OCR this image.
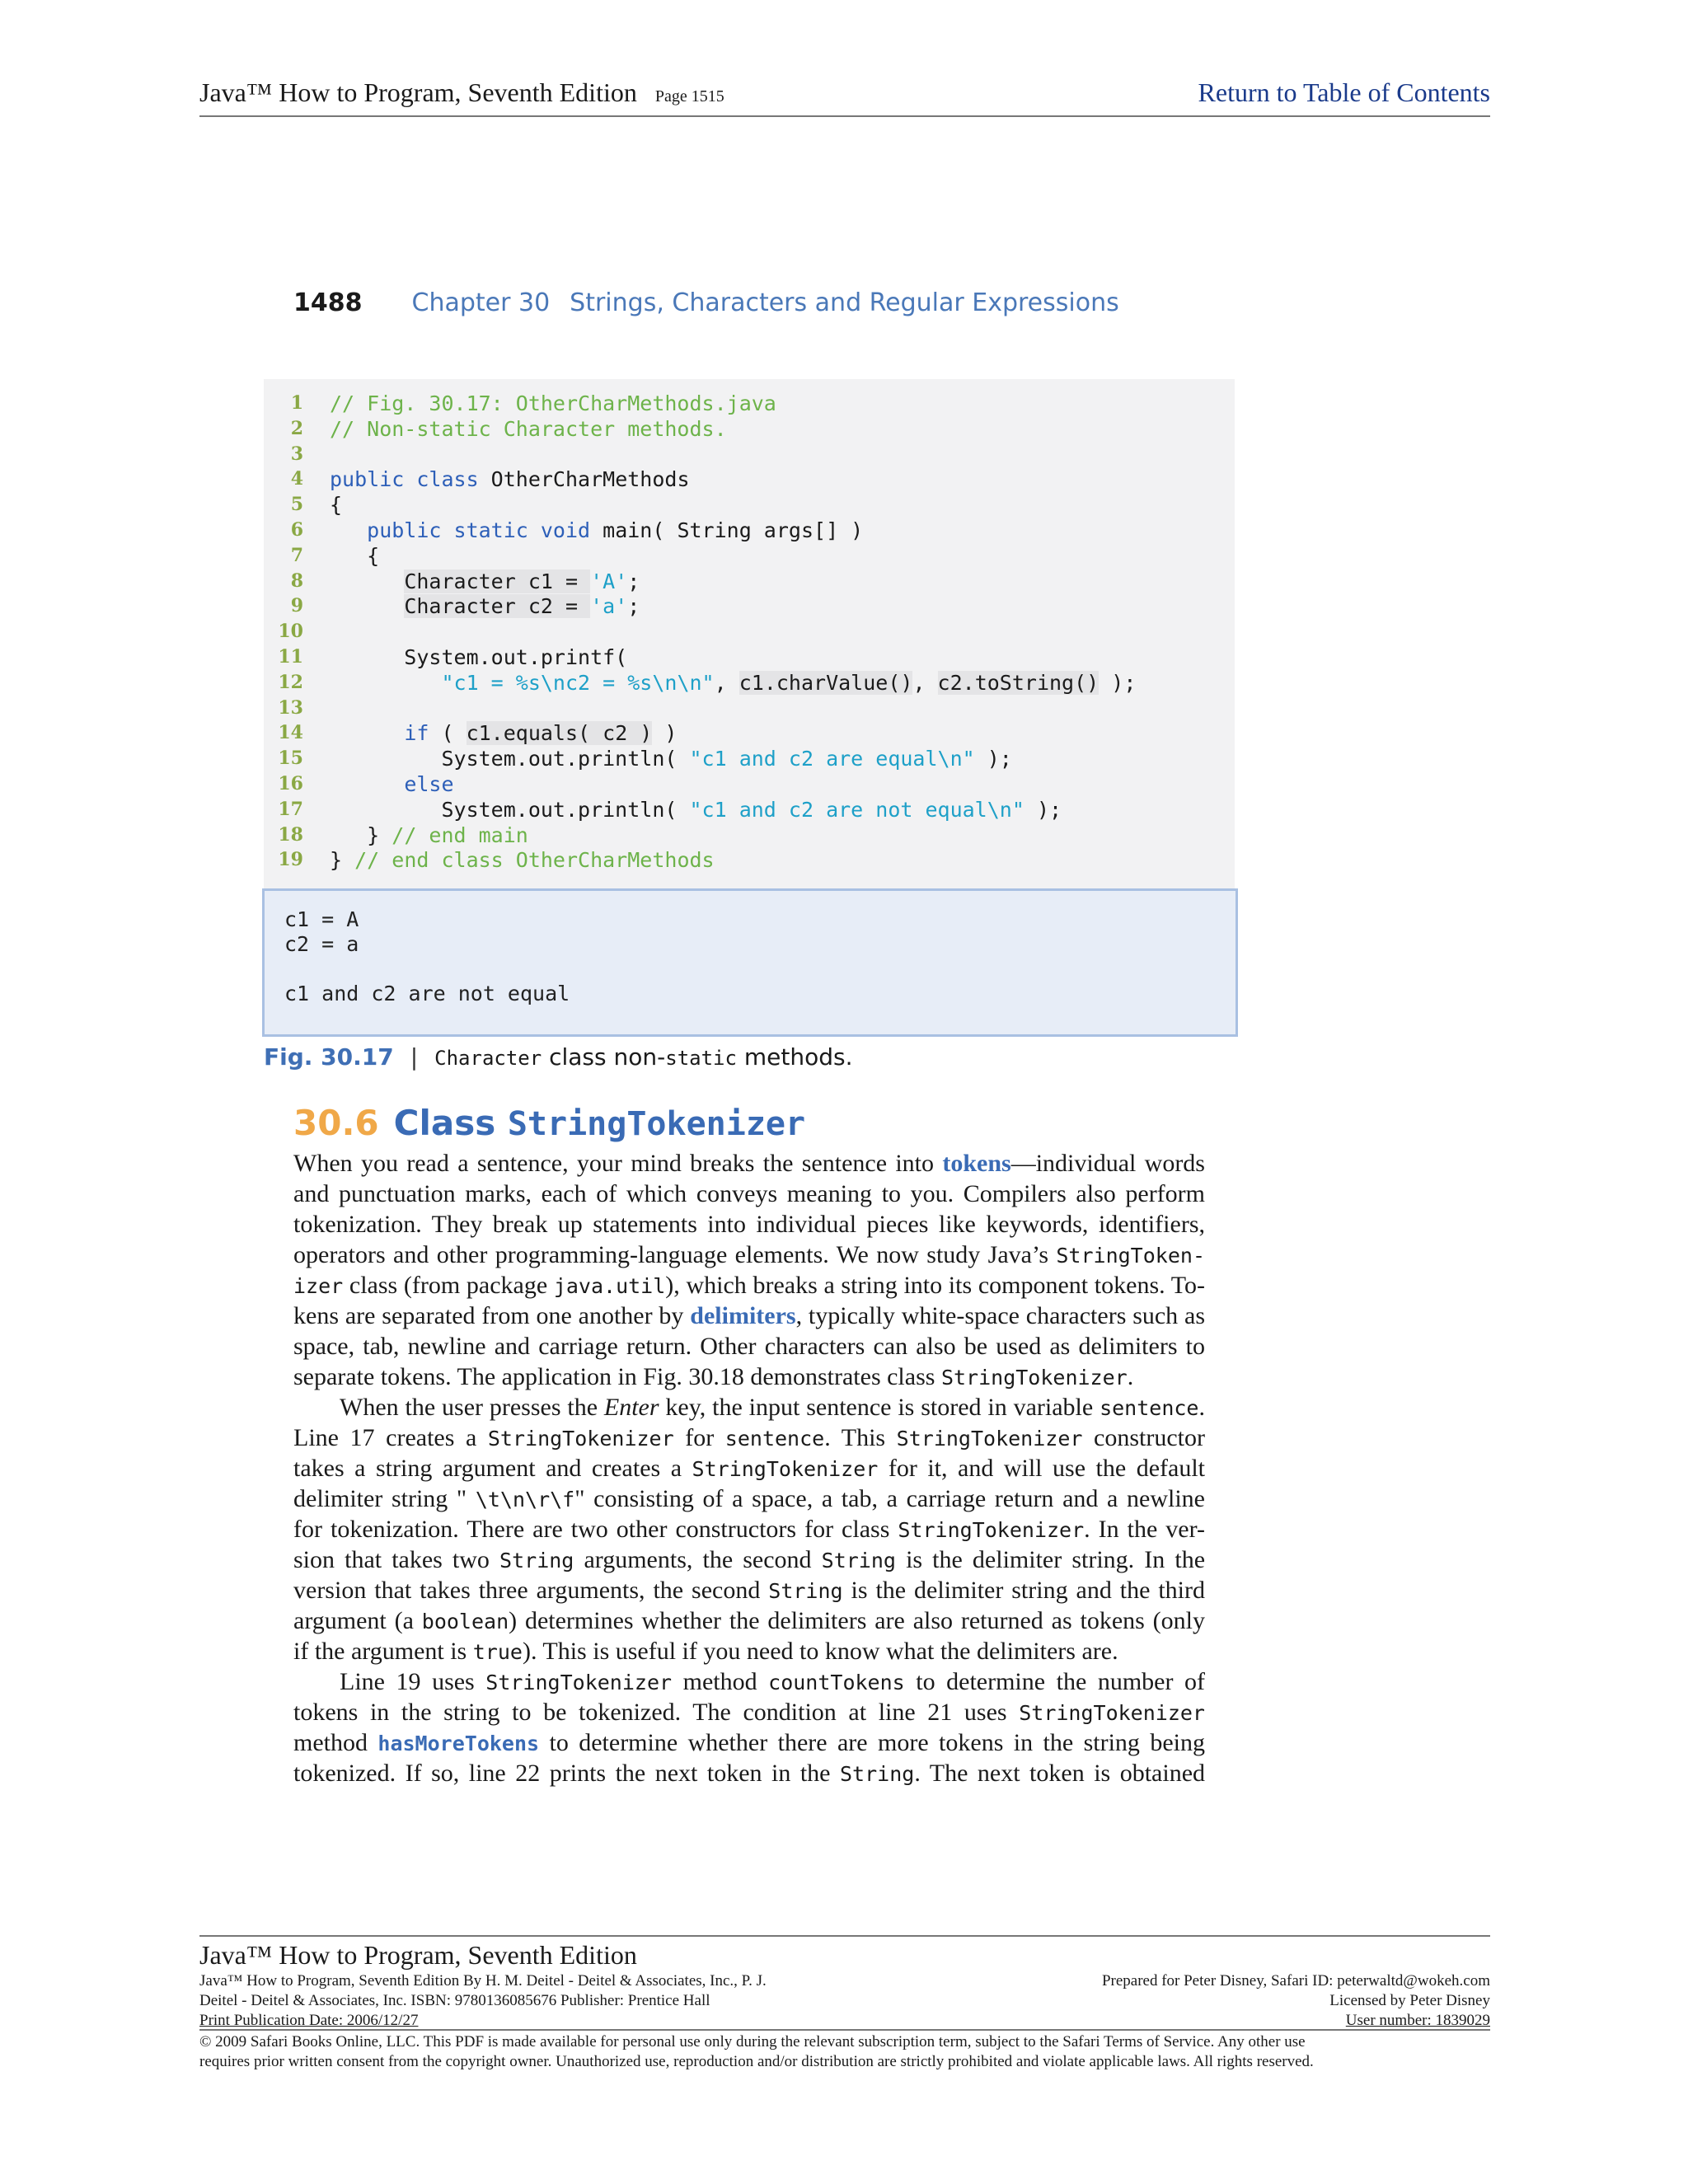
Java™ How to Program, Seventh Edition Page 1515	Return to Table of Contents
1488 Chapter 30 Strings, Characters and Regular Expressions
1 // Fig. 30.17: OtherCharMethods.java
2 // Non-static Character methods.
3
4 public class OtherCharMethods
5 {
6	public static void main( String args[] )
7 {
8	Character c1 = 'A';
9	Character c2 = 'a';
10
11 System.out.printf(
12	"c1 = %s\nc2 = %s\n\n", c1.charValue(), c2.toString() );
13
14	if ( c1.equals( c2 ) )
15 System.out.println( "c1 and c2 are equal\n" );
16	else
17 System.out.println( "c1 and c2 are not equal\n" );
18 } // end main
19 } // end class OtherCharMethods
c1 = A
c2 = a
c1 and c2 are not equal
Fig. 30.17 | Character class non-static methods.
30.6 Class StringTokenizer
When you read a sentence, your mind breaks the sentence into tokens—individual words
and punctuation marks, each of which conveys meaning to you. Compilers also perform
tokenization. They break up statements into individual pieces like keywords, identifiers,
operators and other programming-language elements. We now study Java’s StringToken-
izer class (from package java.util), which breaks a string into its component tokens. To-
kens are separated from one another by delimiters, typically white-space characters such as
space, tab, newline and carriage return. Other characters can also be used as delimiters to
separate tokens. The application in Fig. 30.18 demonstrates class StringTokenizer.
When the user presses the Enter key, the input sentence is stored in variable sentence.
Line 17 creates a StringTokenizer for sentence. This StringTokenizer constructor
takes a string argument and creates a StringTokenizer for it, and will use the default
delimiter string " \t\n\r\f" consisting of a space, a tab, a carriage return and a newline
for tokenization. There are two other constructors for class StringTokenizer. In the ver-
sion that takes two String arguments, the second String is the delimiter string. In the
version that takes three arguments, the second String is the delimiter string and the third
argument (a boolean) determines whether the delimiters are also returned as tokens (only
if the argument is true). This is useful if you need to know what the delimiters are.
Line 19 uses StringTokenizer method countTokens to determine the number of
tokens in the string to be tokenized. The condition at line 21 uses StringTokenizer
method hasMoreTokens to determine whether there are more tokens in the string being
tokenized. If so, line 22 prints the next token in the String. The next token is obtained
Java™ How to Program, Seventh Edition
Java™ How to Program, Seventh Edition By H. M. Deitel - Deitel & Associates, Inc., P. J.
Deitel - Deitel & Associates, Inc. ISBN: 9780136085676 Publisher: Prentice Hall
Print Publication Date: 2006/12/27
Prepared for Peter Disney, Safari ID: peterwaltd@wokeh.com
Licensed by Peter Disney
User number: 1839029
© 2009 Safari Books Online, LLC. This PDF is made available for personal use only during the relevant subscription term, subject to the Safari Terms of Service. Any other use
requires prior written consent from the copyright owner. Unauthorized use, reproduction and/or distribution are strictly prohibited and violate applicable laws. All rights reserved.
